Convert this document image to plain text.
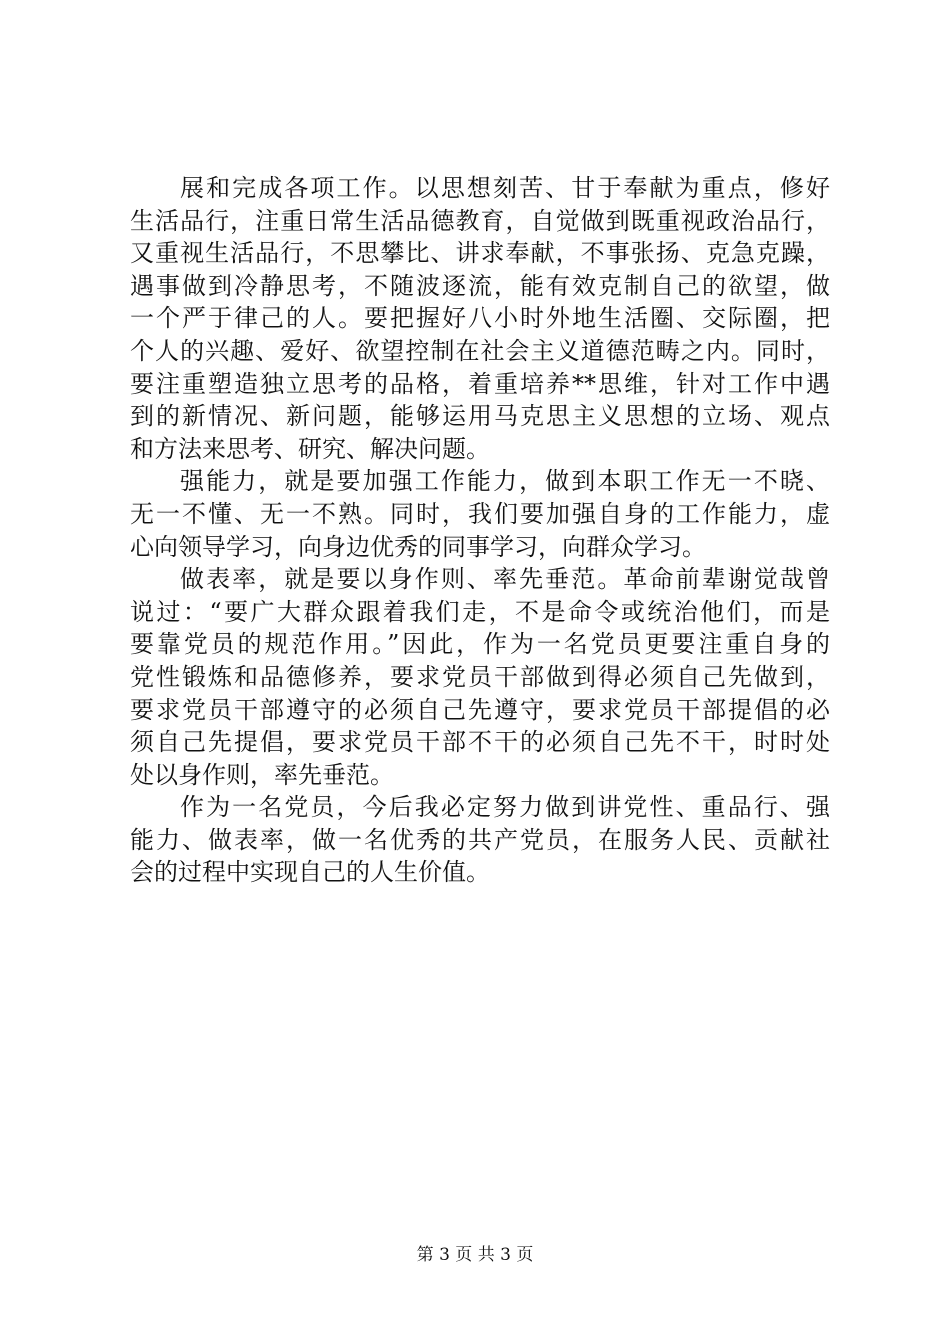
展和完成各项工作。以思想刻苦、甘于奉献为重点，修好
生活品行，注重日常生活品德教育，自觉做到既重视政治品行，
又重视生活品行，不思攀比、讲求奉献，不事张扬、克急克躁，
遇事做到冷静思考，不随波逐流，能有效克制自己的欲望，做
一个严于律己的人。要把握好八小时外地生活圈、交际圈，把
个人的兴趣、爱好、欲望控制在社会主义道德范畴之内。同时，
要注重塑造独立思考的品格，着重培养**思维，针对工作中遇
到的新情况、新问题，能够运用马克思主义思想的立场、观点
和方法来思考、研究、解决问题。
强能力，就是要加强工作能力，做到本职工作无一不晓、
无一不懂、无一不熟。同时，我们要加强自身的工作能力，虚
心向领导学习，向身边优秀的同事学习，向群众学习。
做表率，就是要以身作则、率先垂范。革命前辈谢觉哉曾
说过：“要广大群众跟着我们走，不是命令或统治他们，而是
要靠党员的规范作用。”因此，作为一名党员更要注重自身的
党性锻炼和品德修养，要求党员干部做到得必须自己先做到，
要求党员干部遵守的必须自己先遵守，要求党员干部提倡的必
须自己先提倡，要求党员干部不干的必须自己先不干，时时处
处以身作则，率先垂范。
作为一名党员，今后我必定努力做到讲党性、重品行、强
能力、做表率，做一名优秀的共产党员，在服务人民、贡献社
会的过程中实现自己的人生价值。
第 3 页 共 3 页
